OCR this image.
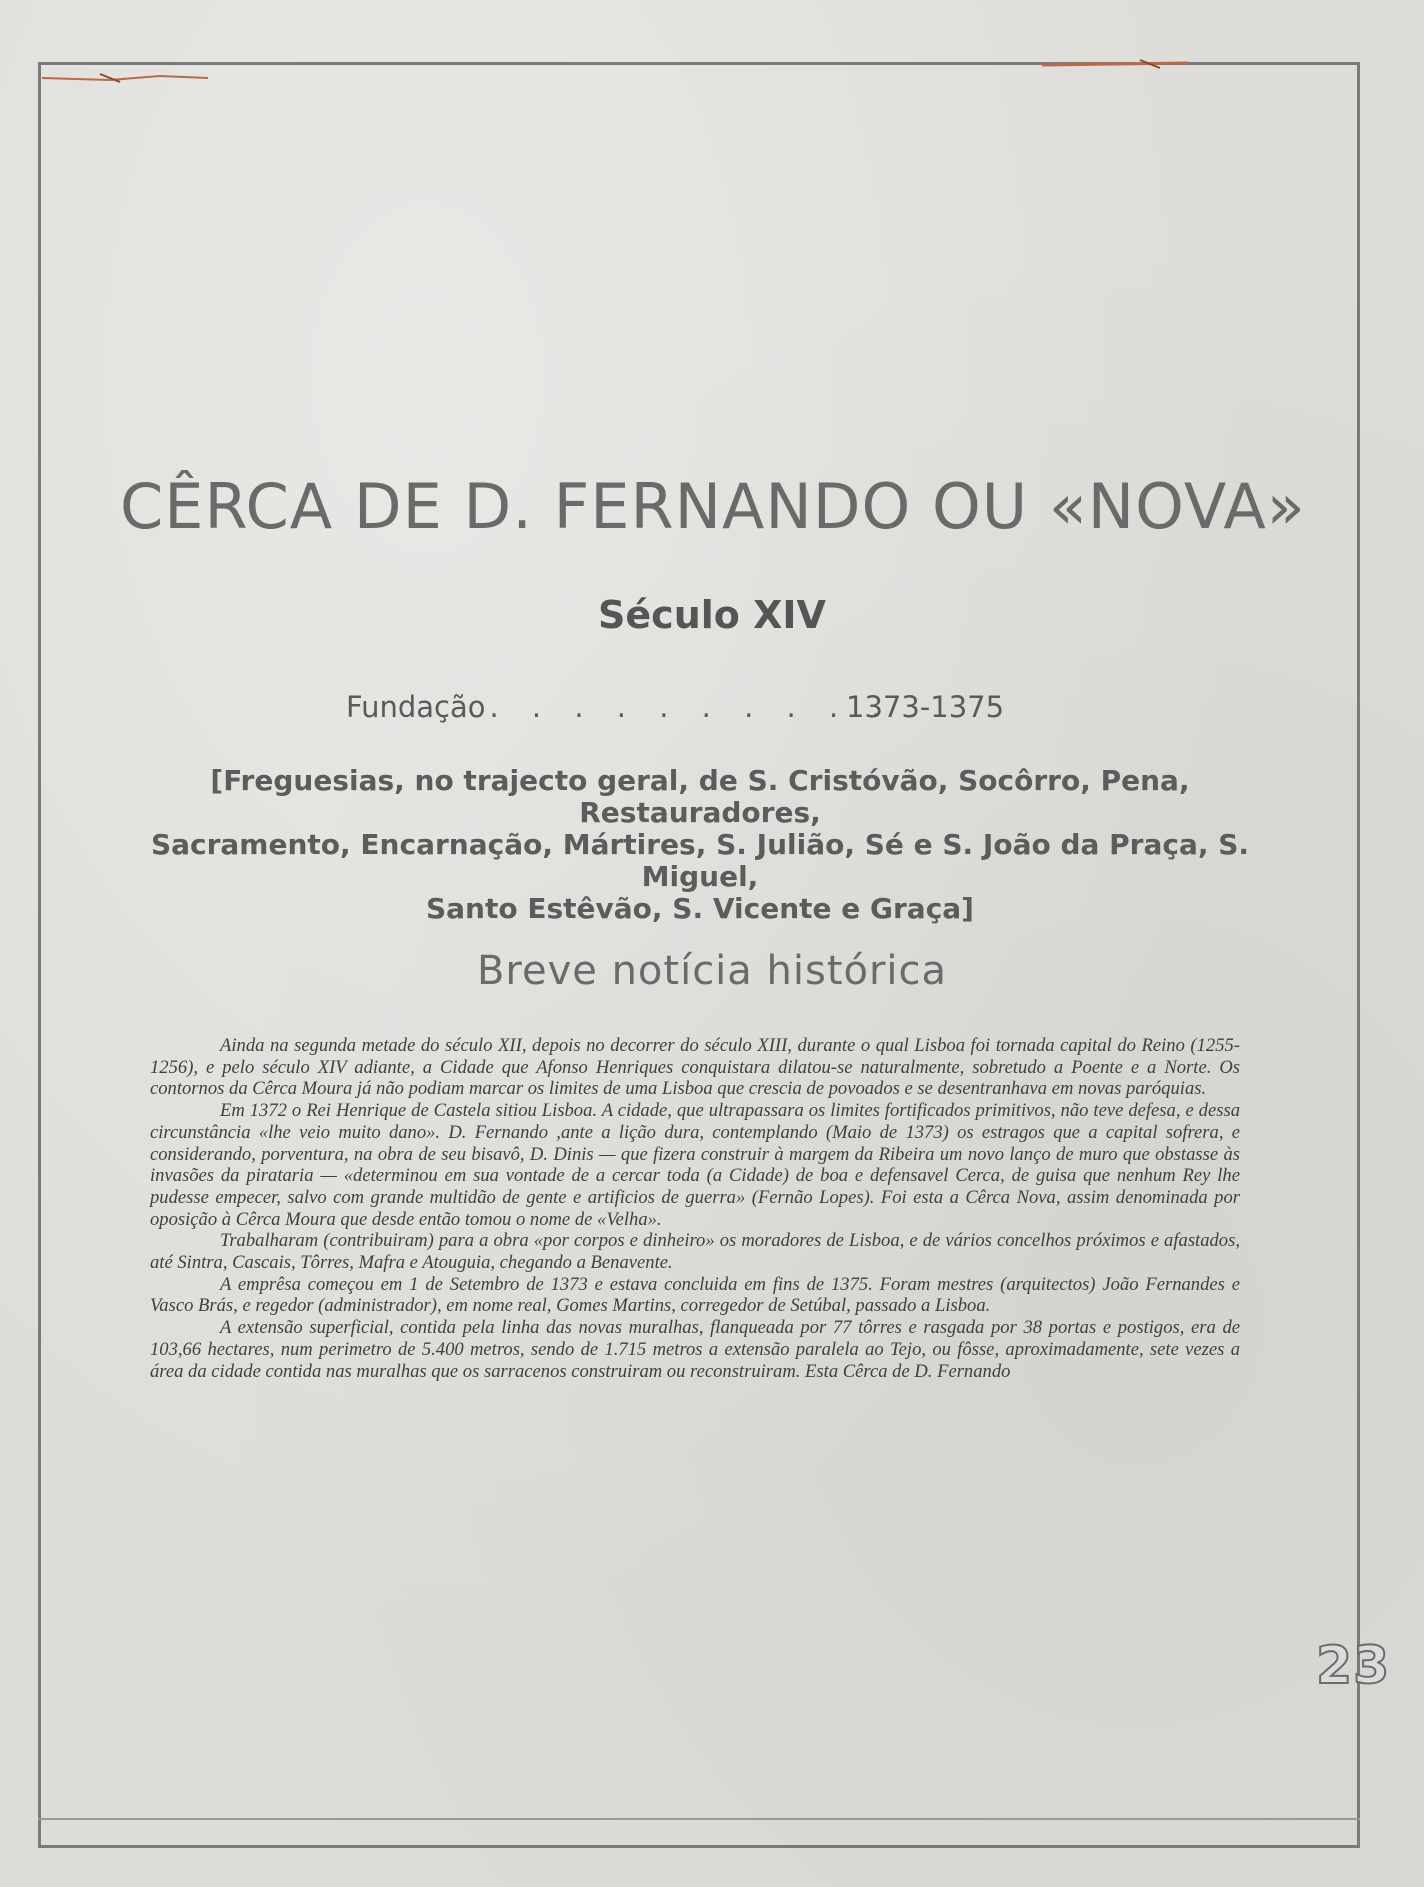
CÊRCA DE D. FERNANDO OU «NOVA»
Século XIV
Fundação . . . . . . . . . .
1373-1375
[Freguesias, no trajecto geral, de S. Cristóvão, Socôrro, Pena, Restauradores,
Sacramento, Encarnação, Mártires, S. Julião, Sé e S. João da Praça, S. Miguel,
Santo Estêvão, S. Vicente e Graça]
Breve notícia histórica

Ainda na segunda metade do século XII, depois no decorrer do século XIII, durante o qual Lisboa foi tornada capital do Reino (1255-1256), e pelo século XIV adiante, a Cidade que Afonso Henriques conquistara dilatou-se naturalmente, sobretudo a Poente e a Norte. Os contornos da Cêrca Moura já não podiam marcar os limites de uma Lisboa que crescia de povoados e se desentranhava em novas paróquias.

Em 1372 o Rei Henrique de Castela sitiou Lisboa. A cidade, que ultrapassara os limites fortificados primitivos, não teve defesa, e dessa circunstância «lhe veio muito dano». D. Fernando ,ante a lição dura, contemplando (Maio de 1373) os estragos que a capital sofrera, e considerando, porventura, na obra de seu bisavô, D. Dinis — que fizera construir à margem da Ribeira um novo lanço de muro que obstasse às invasões da pirataria — «determinou em sua vontade de a cercar toda (a Cidade) de boa e defensavel Cerca, de guisa que nenhum Rey lhe pudesse empecer, salvo com grande multidão de gente e artificios de guerra» (Fernão Lopes). Foi esta a Cêrca Nova, assim denominada por oposição à Cêrca Moura que desde então tomou o nome de «Velha».

Trabalharam (contribuiram) para a obra «por corpos e dinheiro» os moradores de Lisboa, e de vários concelhos próximos e afastados, até Sintra, Cascais, Tôrres, Mafra e Atouguia, chegando a Benavente.

A emprêsa começou em 1 de Setembro de 1373 e estava concluida em fins de 1375. Foram mestres (arquitectos) João Fernandes e Vasco Brás, e regedor (administrador), em nome real, Gomes Martins, corregedor de Setúbal, passado a Lisboa.

A extensão superficial, contida pela linha das novas muralhas, flanqueada por 77 tôrres e rasgada por 38 portas e postigos, era de 103,66 hectares, num perimetro de 5.400 metros, sendo de 1.715 metros a extensão paralela ao Tejo, ou fôsse, aproximadamente, sete vezes a área da cidade contida nas muralhas que os sarracenos construiram ou reconstruiram. Esta Cêrca de D. Fernando

23
